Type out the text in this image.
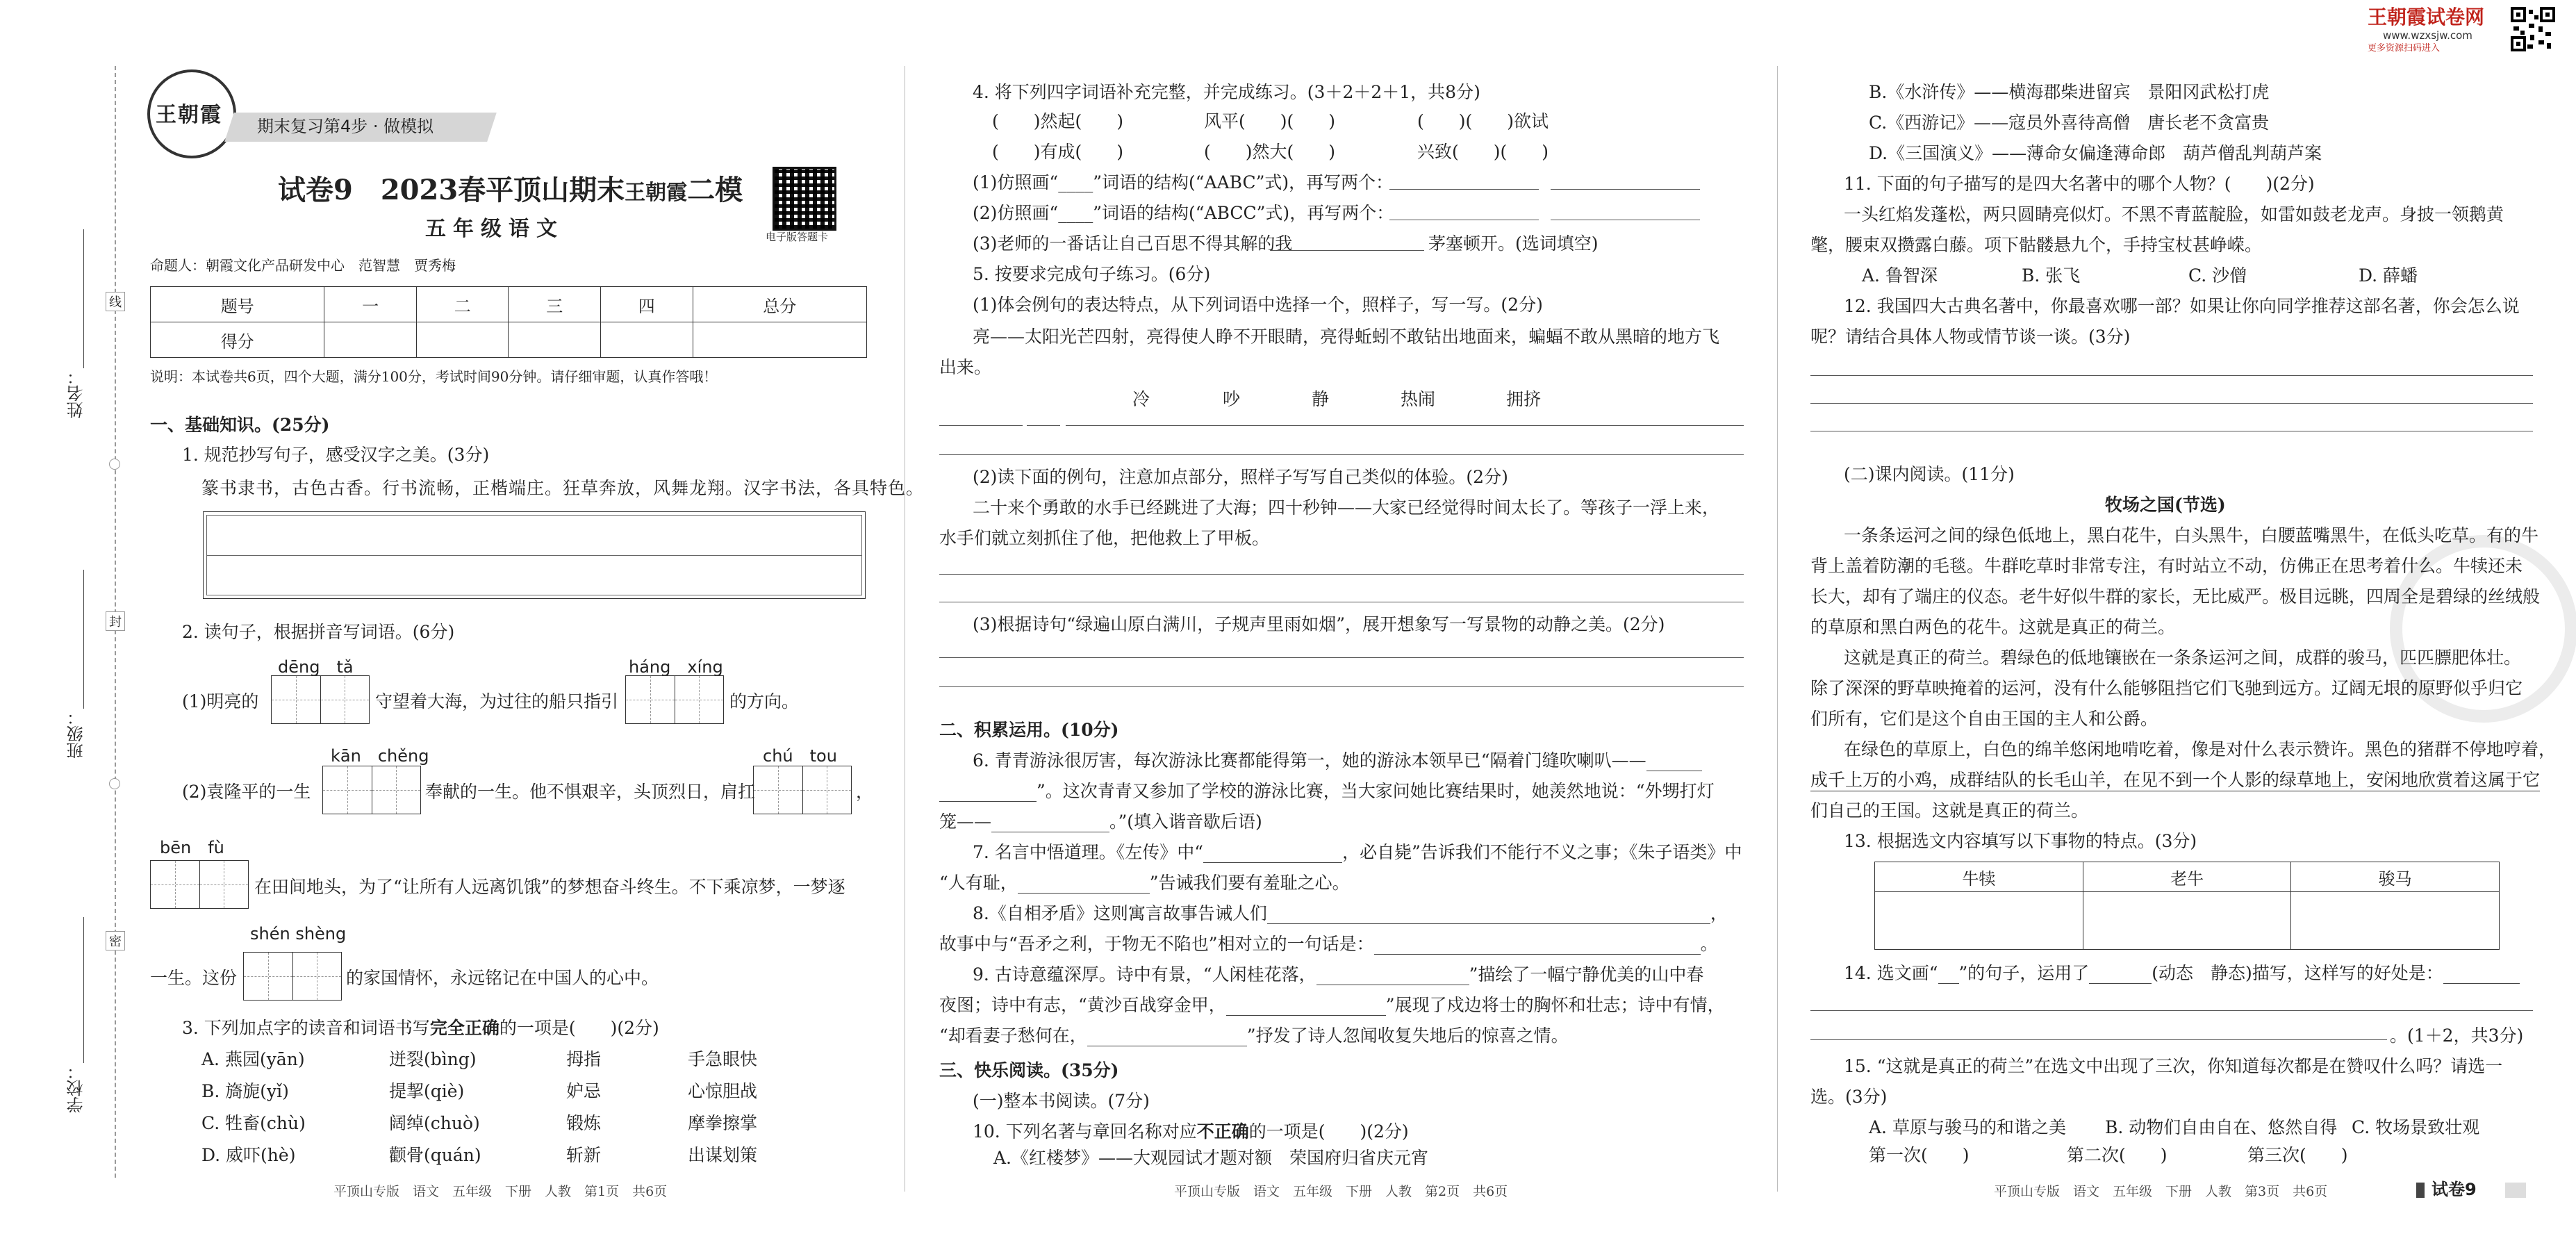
王朝霞试卷网
www.wzxsjw.com
更多资源扫码进入
线
封
密
姓名：
班级：
学校：
王朝霞 期末复习第4步 · 做模拟
试卷9　2023春平顶山期末王朝霞二模
五年级语文	电子版答题卡
命题人：朝霞文化产品研发中心　范智慧　贾秀梅
题号	一	二	三	四	总分
得分					
说明：本试卷共6页，四个大题，满分100分，考试时间90分钟。请仔细审题，认真作答哦！
一、基础知识。(25分)
1. 规范抄写句子，感受汉字之美。(3分)
篆书隶书，古色古香。行书流畅，正楷端庄。狂草奔放，风舞龙翔。汉字书法，各具特色。
2. 读句子，根据拼音写词语。(6分)
dēng　tǎ	háng　xíng
(1)明亮的	守望着大海，为过往的船只指引	的方向。
kān　chěng	chú　tou
(2)袁隆平的一生	奉献的一生。他不惧艰辛，头顶烈日，肩扛	，
bēn　fù
在田间地头，为了“让所有人远离饥饿”的梦想奋斗终生。不下乘凉梦，一梦逐
shén shèng
一生。这份	的家国情怀，永远铭记在中国人的心中。
3. 下列加点字的读音和词语书写完全正确的一项是(　　)(2分)
A. 燕园(yān)	迸裂(bìng)	拇指	手急眼快
B. 旖旎(yǐ)	提挈(qiè)	妒忌	心惊胆战
C. 牲畜(chù)	阔绰(chuò)	锻炼	摩拳擦掌
D. 威吓(hè)	颧骨(quán)	斩新	出谋划策
平顶山专版　语文　五年级　下册　人教　第1页　共6页
4. 将下列四字词语补充完整，并完成练习。(3＋2＋2＋1，共8分)
(　　)然起(　　)	风平(　　)(　　)	(　　)(　　)欲试
(　　)有成(　　)	(　　)然大(　　)	兴致(　　)(　　)
(1)仿照画“____”词语的结构(“AABC”式)，再写两个：
(2)仿照画“____”词语的结构(“ABCC”式)，再写两个：
(3)老师的一番话让自己百思不得其解的我	茅塞顿开。(选词填空)
5. 按要求完成句子练习。(6分)
(1)体会例句的表达特点，从下列词语中选择一个，照样子，写一写。(2分)
亮——太阳光芒四射，亮得使人睁不开眼睛，亮得蚯蚓不敢钻出地面来，蝙蝠不敢从黑暗的地方飞
出来。
冷	吵	静	热闹	拥挤
(2)读下面的例句，注意加点部分，照样子写写自己类似的体验。(2分)
二十来个勇敢的水手已经跳进了大海；四十秒钟——大家已经觉得时间太长了。等孩子一浮上来，
水手们就立刻抓住了他，把他救上了甲板。
(3)根据诗句“绿遍山原白满川，子规声里雨如烟”，展开想象写一写景物的动静之美。(2分)
二、积累运用。(10分)
6. 青青游泳很厉害，每次游泳比赛都能得第一，她的游泳本领早已“隔着门缝吹喇叭——
”。这次青青又参加了学校的游泳比赛，当大家问她比赛结果时，她羡然地说：“外甥打灯
笼——	。”(填入谐音歇后语)
7. 名言中悟道理。《左传》中“	，必自毙”告诉我们不能行不义之事；《朱子语类》中
“人有耻，	”告诫我们要有羞耻之心。
8.《自相矛盾》这则寓言故事告诫人们	，
故事中与“吾矛之利，于物无不陷也”相对立的一句话是：	。
9. 古诗意蕴深厚。诗中有景，“人闲桂花落，	”描绘了一幅宁静优美的山中春
夜图；诗中有志，“黄沙百战穿金甲，	”展现了戍边将士的胸怀和壮志；诗中有情，
“却看妻子愁何在，	”抒发了诗人忽闻收复失地后的惊喜之情。
三、快乐阅读。(35分)
(一)整本书阅读。(7分)
10. 下列名著与章回名称对应不正确的一项是(　　)(2分)
A.《红楼梦》——大观园试才题对额　荣国府归省庆元宵
平顶山专版　语文　五年级　下册　人教　第2页　共6页
B.《水浒传》——横海郡柴进留宾　景阳冈武松打虎
C.《西游记》——寇员外喜待高僧　唐长老不贪富贵
D.《三国演义》——薄命女偏逢薄命郎　葫芦僧乱判葫芦案
11. 下面的句子描写的是四大名著中的哪个人物？(　　)(2分)
一头红焰发蓬松，两只圆睛亮似灯。不黑不青蓝靛脸，如雷如鼓老龙声。身披一领鹅黄
氅，腰束双攒露白藤。项下骷髅悬九个，手持宝杖甚峥嵘。
A. 鲁智深	B. 张飞	C. 沙僧	D. 薛蟠
12. 我国四大古典名著中，你最喜欢哪一部？如果让你向同学推荐这部名著，你会怎么说
呢？请结合具体人物或情节谈一谈。(3分)
(二)课内阅读。(11分)
牧场之国(节选)
一条条运河之间的绿色低地上，黑白花牛，白头黑牛，白腰蓝嘴黑牛，在低头吃草。有的牛
背上盖着防潮的毛毯。牛群吃草时非常专注，有时站立不动，仿佛正在思考着什么。牛犊还未
长大，却有了端庄的仪态。老牛好似牛群的家长，无比威严。极目远眺，四周全是碧绿的丝绒般
的草原和黑白两色的花牛。这就是真正的荷兰。
这就是真正的荷兰。碧绿色的低地镶嵌在一条条运河之间，成群的骏马，匹匹膘肥体壮。
除了深深的野草映掩着的运河，没有什么能够阻挡它们飞驰到远方。辽阔无垠的原野似乎归它
们所有，它们是这个自由王国的主人和公爵。
在绿色的草原上，白色的绵羊悠闲地啃吃着，像是对什么表示赞许。黑色的猪群不停地哼着，
成千上万的小鸡，成群结队的长毛山羊，在见不到一个人影的绿草地上，安闲地欣赏着这属于它
们自己的王国。这就是真正的荷兰。
13. 根据选文内容填写以下事物的特点。(3分)
牛犊	老牛	骏马

14. 选文画“ ”的句子，运用了	(动态　静态)描写，这样写的好处是：
。(1＋2，共3分)
15. “这就是真正的荷兰”在选文中出现了三次，你知道每次都是在赞叹什么吗？请选一
选。(3分)
A. 草原与骏马的和谐之美 B. 动物们自由自在、悠然自得 C. 牧场景致壮观
第一次(　　)	第二次(　　)	第三次(　　)
平顶山专版　语文　五年级　下册　人教　第3页　共6页	试卷9
